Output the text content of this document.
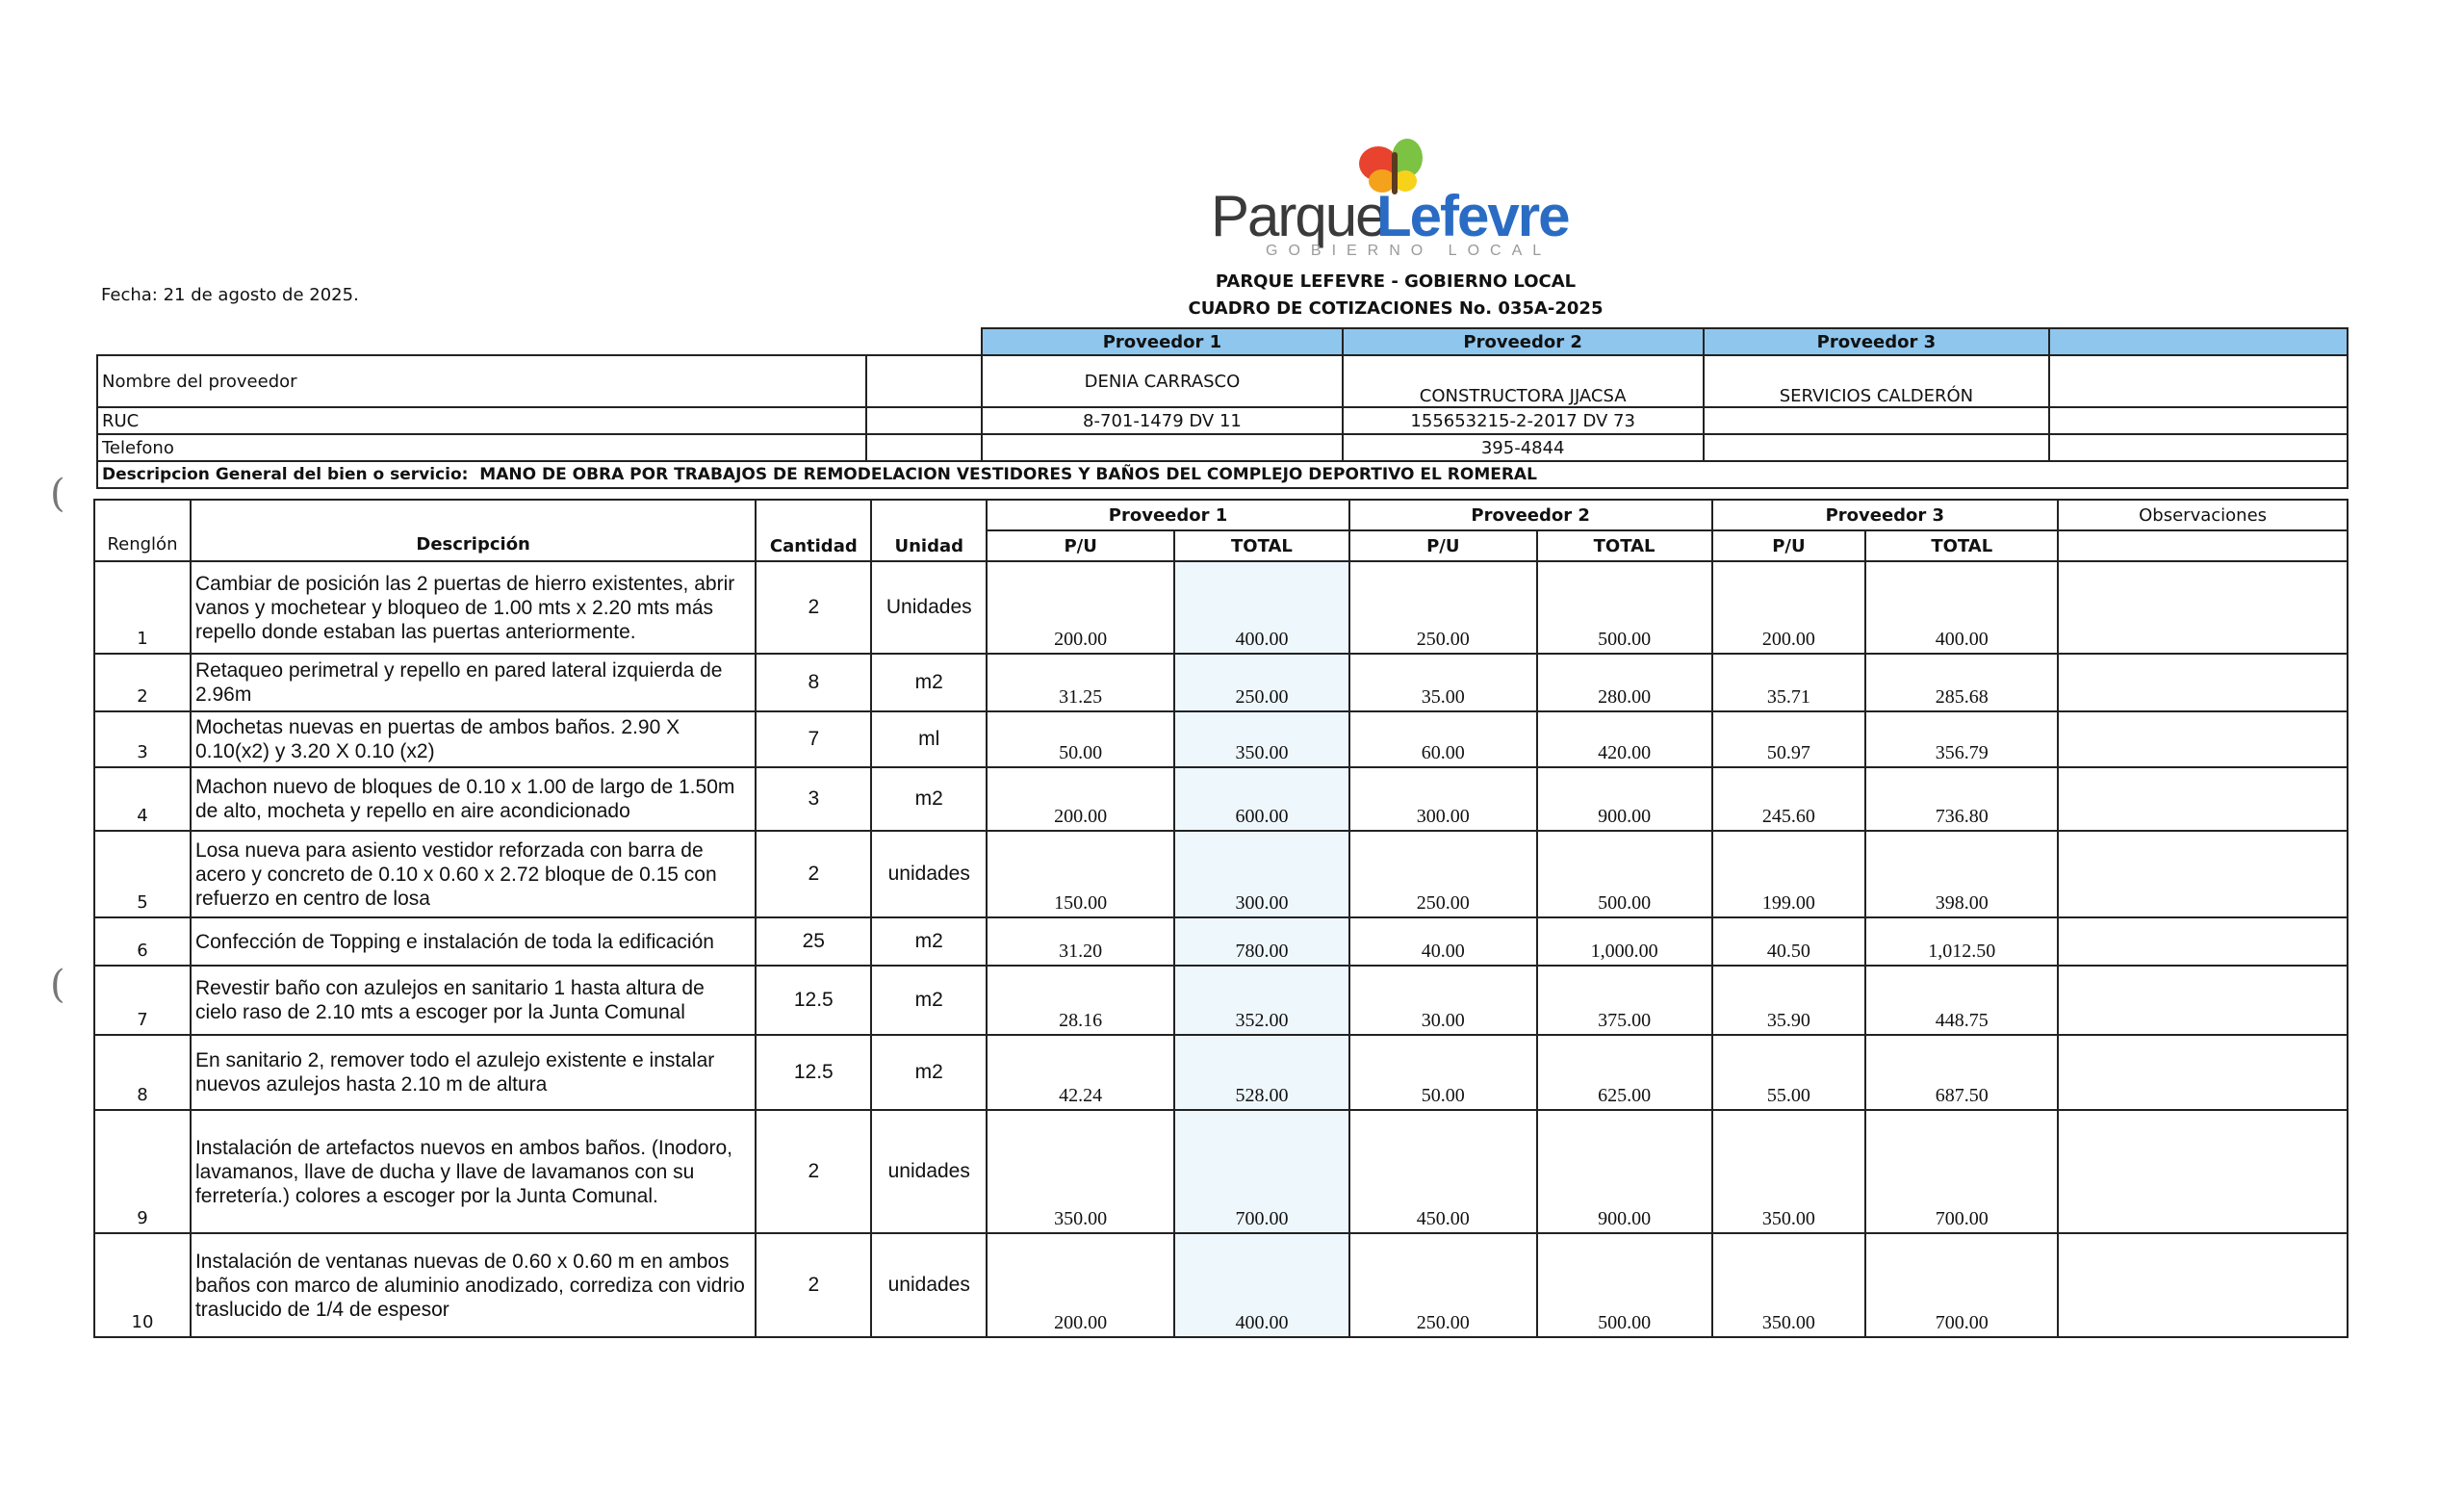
Parque
Lefevre
GOBIERNO LOCAL
Fecha: 21 de agosto de 2025.
PARQUE LEFEVRE - GOBIERNO LOCAL
CUADRO DE COTIZACIONES No. 035A-2025
(
(
		Proveedor 1	Proveedor 2	Proveedor 3	
Nombre del proveedor		DENIA CARRASCO	CONSTRUCTORA JJACSA	SERVICIOS CALDERÓN	
RUC		8-701-1479 DV 11	155653215-2-2017 DV 73		
Telefono			395-4844		
Descripcion General del bien o servicio: MANO DE OBRA POR TRABAJOS DE REMODELACION VESTIDORES Y BAÑOS DEL COMPLEJO DEPORTIVO EL ROMERAL					
Renglón	Descripción	Cantidad	Unidad	Proveedor 1		Proveedor 2		Proveedor 3		Observaciones
				P/U	TOTAL	P/U	TOTAL	P/U	TOTAL	
1	Cambiar de posición las 2 puertas de hierro existentes, abrir vanos y mochetear y bloqueo de 1.00 mts x 2.20 mts más repello donde estaban las puertas anteriormente.	2	Unidades	200.00	400.00	250.00	500.00	200.00	400.00	
2	Retaqueo perimetral y repello en pared lateral izquierda de 2.96m	8	m2	31.25	250.00	35.00	280.00	35.71	285.68	
3	Mochetas nuevas en puertas de ambos baños. 2.90 X 0.10(x2) y 3.20 X 0.10 (x2)	7	ml	50.00	350.00	60.00	420.00	50.97	356.79	
4	Machon nuevo de bloques de 0.10 x 1.00 de largo de 1.50m de alto, mocheta y repello en aire acondicionado	3	m2	200.00	600.00	300.00	900.00	245.60	736.80	
5	Losa nueva para asiento vestidor reforzada con barra de acero y concreto de 0.10 x 0.60 x 2.72 bloque de 0.15 con refuerzo en centro de losa	2	unidades	150.00	300.00	250.00	500.00	199.00	398.00	
6	Confección de Topping e instalación de toda la edificación	25	m2	31.20	780.00	40.00	1,000.00	40.50	1,012.50	
7	Revestir baño con azulejos en sanitario 1 hasta altura de cielo raso de 2.10 mts a escoger por la Junta Comunal	12.5	m2	28.16	352.00	30.00	375.00	35.90	448.75	
8	En sanitario 2, remover todo el azulejo existente e instalar nuevos azulejos hasta 2.10 m de altura	12.5	m2	42.24	528.00	50.00	625.00	55.00	687.50	
9	Instalación de artefactos nuevos en ambos baños. (Inodoro, lavamanos, llave de ducha y llave de lavamanos con su ferretería.) colores a escoger por la Junta Comunal.	2	unidades	350.00	700.00	450.00	900.00	350.00	700.00	
10	Instalación de ventanas nuevas de 0.60 x 0.60 m en ambos baños con marco de aluminio anodizado, corrediza con vidrio traslucido de 1/4 de espesor	2	unidades	200.00	400.00	250.00	500.00	350.00	700.00	
